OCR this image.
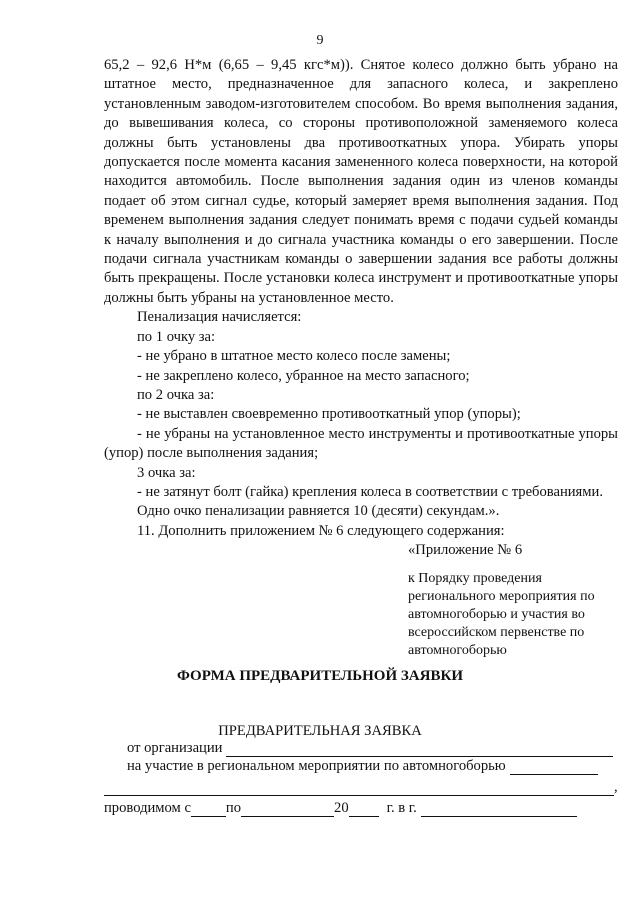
9

65,2 – 92,6 Н*м (6,65 – 9,45 кгс*м)). Снятое колесо должно быть убрано на штатное место, предназначенное для запасного колеса, и закреплено установленным заводом-изготовителем способом. Во время выполнения задания, до вывешивания колеса, со стороны противоположной заменяемого колеса должны быть установлены два противооткатных упора. Убирать упоры допускается после момента касания замененного колеса поверхности, на которой находится автомобиль. После выполнения задания один из членов команды подает об этом сигнал судье, который замеряет время выполнения задания. Под временем выполнения задания следует понимать время с подачи судьей команды к началу выполнения и до сигнала участника команды о его завершении. После подачи сигнала участникам команды о завершении задания все работы должны быть прекращены. После установки колеса инструмент и противооткатные упоры должны быть убраны на установленное место.

Пенализация начисляется:

по 1 очку за:

- не убрано в штатное место колесо после замены;

- не закреплено колесо, убранное на место запасного;

по 2 очка за:

- не выставлен своевременно противооткатный упор (упоры);

- не убраны на установленное место инструменты и противооткатные упоры (упор) после выполнения задания;

3 очка за:

- не затянут болт (гайка) крепления колеса в соответствии с требованиями.

Одно очко пенализации равняется 10 (десяти) секундам.».

11. Дополнить приложением № 6 следующего содержания:

«Приложение № 6
к Порядку проведения регионального мероприятия по автомногоборью и участия во всероссийском первенстве по автомногоборью
ФОРМА ПРЕДВАРИТЕЛЬНОЙ ЗАЯВКИ
ПРЕДВАРИТЕЛЬНАЯ ЗАЯВКА
от организации
на участие в региональном мероприятии по автомногоборью
,
проводимом с по	20	г. в г.
